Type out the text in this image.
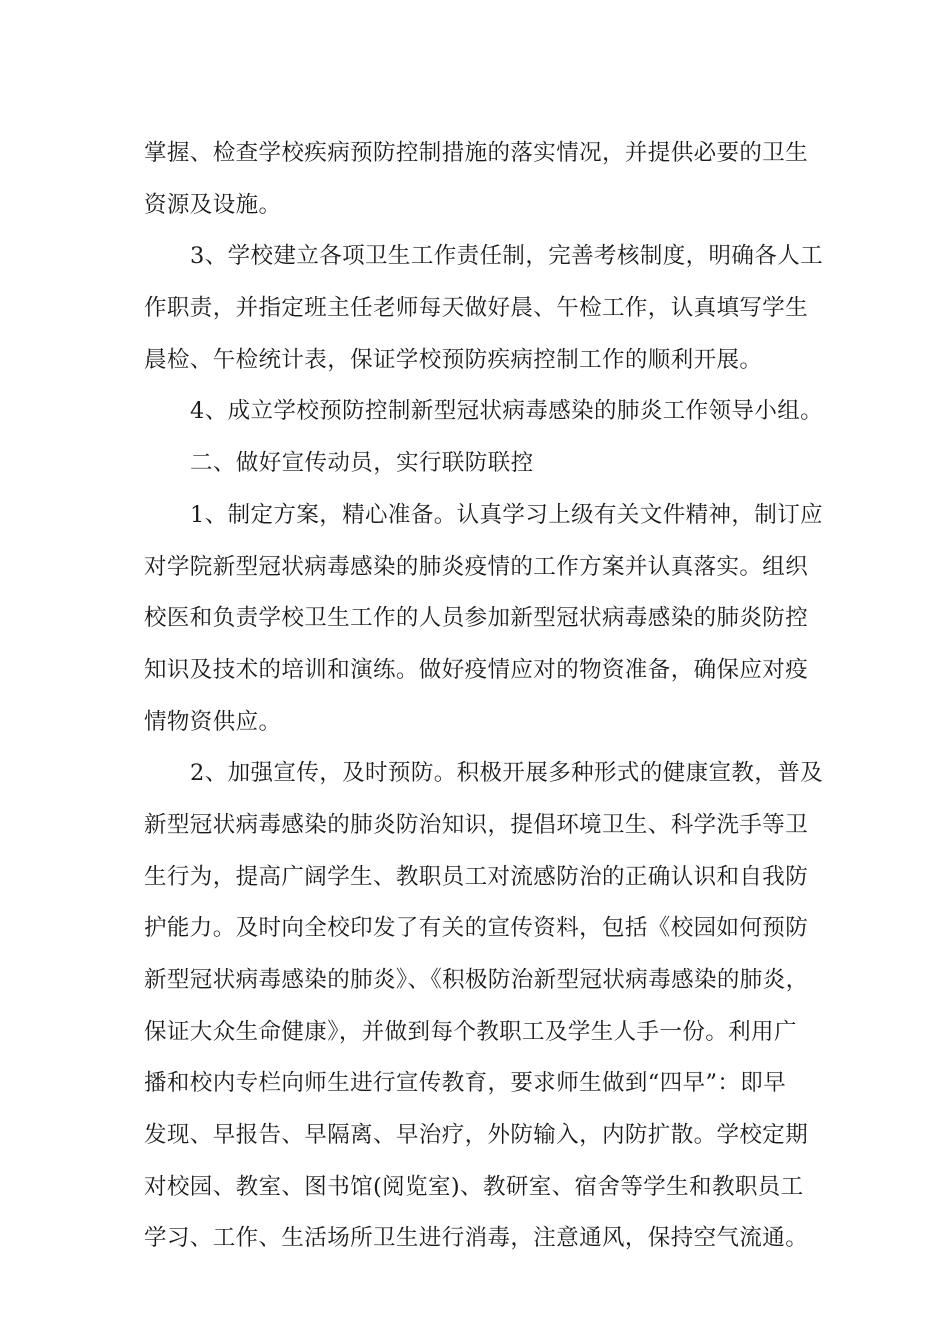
掌握、检查学校疾病预防控制措施的落实情况，并提供必要的卫生
资源及设施。
3、学校建立各项卫生工作责任制，完善考核制度，明确各人工
作职责，并指定班主任老师每天做好晨、午检工作，认真填写学生
晨检、午检统计表，保证学校预防疾病控制工作的顺利开展。
4、成立学校预防控制新型冠状病毒感染的肺炎工作领导小组。
二、做好宣传动员，实行联防联控
1、制定方案，精心准备。认真学习上级有关文件精神，制订应
对学院新型冠状病毒感染的肺炎疫情的工作方案并认真落实。组织
校医和负责学校卫生工作的人员参加新型冠状病毒感染的肺炎防控
知识及技术的培训和演练。做好疫情应对的物资准备，确保应对疫
情物资供应。
2、加强宣传，及时预防。积极开展多种形式的健康宣教，普及
新型冠状病毒感染的肺炎防治知识，提倡环境卫生、科学洗手等卫
生行为，提高广阔学生、教职员工对流感防治的正确认识和自我防
护能力。及时向全校印发了有关的宣传资料，包括《校园如何预防
新型冠状病毒感染的肺炎》、《积极防治新型冠状病毒感染的肺炎，
保证大众生命健康》，并做到每个教职工及学生人手一份。利用广
播和校内专栏向师生进行宣传教育，要求师生做到“四早”：即早
发现、早报告、早隔离、早治疗，外防输入，内防扩散。学校定期
对校园、教室、图书馆(阅览室)、教研室、宿舍等学生和教职员工
学习、工作、生活场所卫生进行消毒，注意通风，保持空气流通。
